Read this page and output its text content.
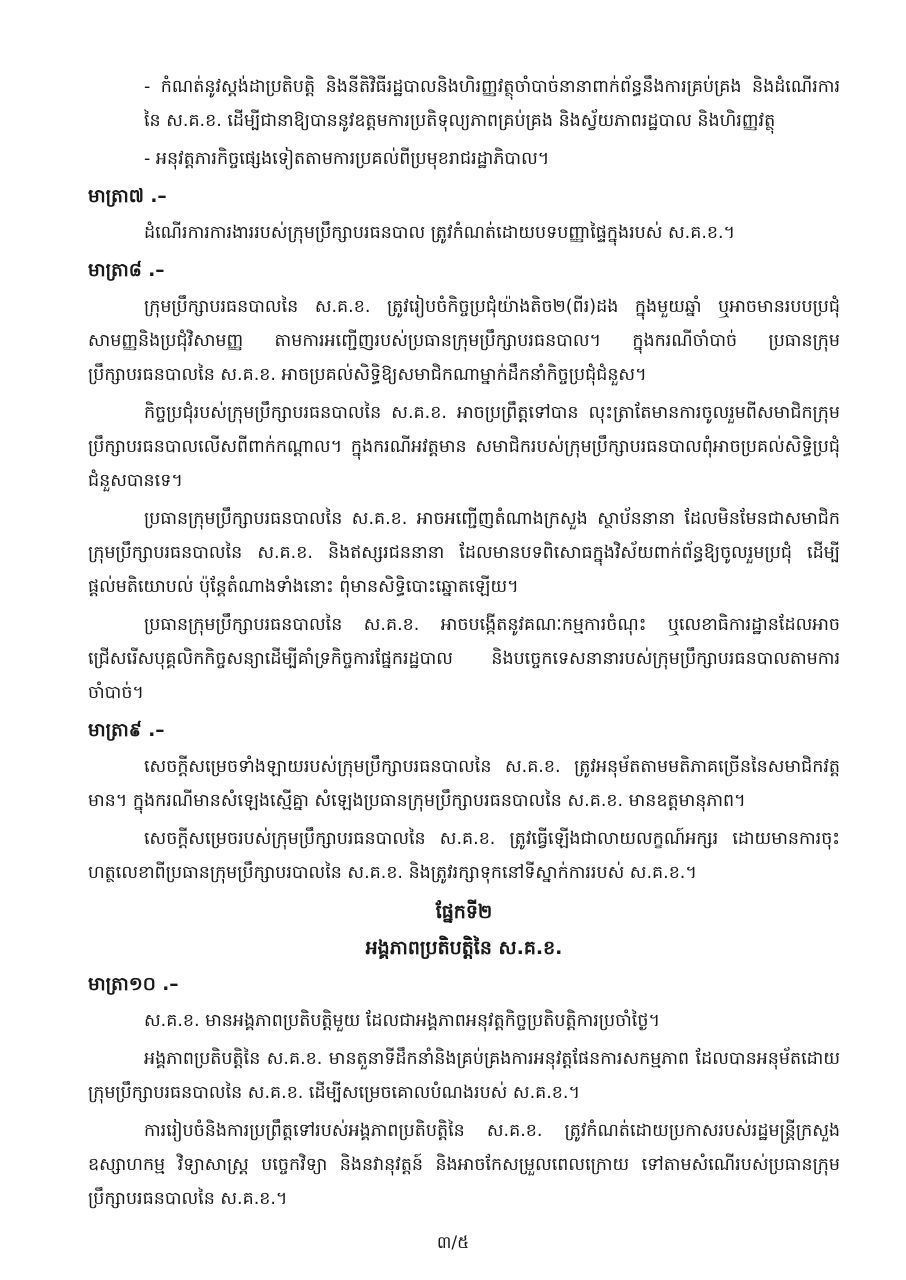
- កំណត់នូវស្តង់ដាប្រតិបត្តិ និងនីតិវិធីរដ្ឋបាលនិងហិរញ្ញវត្ថុចាំបាច់នានាពាក់ព័ន្ធនឹងការគ្រប់គ្រង និងដំណើរការនៃ ស.គ.ខ. ដើម្បីជានាឱ្យបាននូវឧត្តមការប្រតិទុល្យភាពគ្រប់គ្រង និងស្វ័យភាពរដ្ឋបាល និងហិរញ្ញវត្ថុ
- អនុវត្តភារកិច្ចផ្សេងទៀតតាមការប្រគល់ពីប្រមុខរាជរដ្ឋាភិបាល។
មាត្រា៧ .–
ដំណើរការការងាររបស់ក្រុមប្រឹក្សាបរធនបាល ត្រូវកំណត់ដោយបទបញ្ញាផ្ទៃក្នុងរបស់ ស.គ.ខ.។
មាត្រា៨ .–
ក្រុមប្រឹក្សាបរធនបាលនៃ ស.គ.ខ. ត្រូវរៀបចំកិច្ចប្រជុំយ៉ាងតិច២(ពីរ)ដង ក្នុងមួយឆ្នាំ ឬអាចមានរបបប្រជុំសាមញ្ញនិងប្រជុំវិសាមញ្ញ តាមការអញ្ជើញរបស់ប្រធានក្រុមប្រឹក្សាបរធនបាល។ ក្នុងករណីចាំបាច់ ប្រធានក្រុមប្រឹក្សាបរធនបាលនៃ ស.គ.ខ. អាចប្រគល់សិទ្ធិឱ្យសមាជិកណាម្នាក់ដឹកនាំកិច្ចប្រជុំជំនួស។
កិច្ចប្រជុំរបស់ក្រុមប្រឹក្សាបរធនបាលនៃ ស.គ.ខ. អាចប្រព្រឹត្តទៅបាន លុះត្រាតែមានការចូលរួមពីសមាជិកក្រុមប្រឹក្សាបរធនបាលលើសពីពាក់កណ្តាល។ ក្នុងករណីអវត្តមាន សមាជិករបស់ក្រុមប្រឹក្សាបរធនបាលពុំអាចប្រគល់សិទ្ធិប្រជុំជំនួសបានទេ។
ប្រធានក្រុមប្រឹក្សាបរធនបាលនៃ ស.គ.ខ. អាចអញ្ជើញតំណាងក្រសួង ស្ថាប័ននានា ដែលមិនមែនជាសមាជិកក្រុមប្រឹក្សាបរធនបាលនៃ ស.គ.ខ. និងឥស្សរជននានា ដែលមានបទពិសោធក្នុងវិស័យពាក់ព័ន្ធឱ្យចូលរួមប្រជុំ ដើម្បីផ្តល់មតិយោបល់ ប៉ុន្តែតំណាងទាំងនោះ ពុំមានសិទ្ធិបោះឆ្នោតឡើយ។
ប្រធានក្រុមប្រឹក្សាបរធនបាលនៃ ស.គ.ខ. អាចបង្កើតនូវគណៈកម្មការចំណុះ ឬលេខាធិការដ្ឋានដែលអាចជ្រើសរើសបុគ្គលិកកិច្ចសន្យាដើម្បីគាំទ្រកិច្ចការផ្នែករដ្ឋបាល និងបច្ចេកទេសនានារបស់ក្រុមប្រឹក្សាបរធនបាលតាមការចាំបាច់។
មាត្រា៩ .–
សេចក្តីសម្រេចទាំងឡាយរបស់ក្រុមប្រឹក្សាបរធនបាលនៃ ស.គ.ខ. ត្រូវអនុម័តតាមមតិភាគច្រើននៃសមាជិកវត្តមាន។ ក្នុងករណីមានសំឡេងស្មើគ្នា សំឡេងប្រធានក្រុមប្រឹក្សាបរធនបាលនៃ ស.គ.ខ. មានឧត្តមានុភាព។
សេចក្តីសម្រេចរបស់ក្រុមប្រឹក្សាបរធនបាលនៃ ស.គ.ខ. ត្រូវធ្វើឡើងជាលាយលក្ខណ៍អក្សរ ដោយមានការចុះហត្ថលេខាពីប្រធានក្រុមប្រឹក្សាបរបាលនៃ ស.គ.ខ. និងត្រូវរក្សាទុកនៅទីស្នាក់ការរបស់ ស.គ.ខ.។
ផ្នែកទី២
អង្គភាពប្រតិបត្តិនៃ ស.គ.ខ.
មាត្រា១០ .–
ស.គ.ខ. មានអង្គភាពប្រតិបត្តិមួយ ដែលជាអង្គភាពអនុវត្តកិច្ចប្រតិបត្តិការប្រចាំថ្ងៃ។
អង្គភាពប្រតិបត្តិនៃ ស.គ.ខ. មានតួនាទីដឹកនាំនិងគ្រប់គ្រងការអនុវត្តផែនការសកម្មភាព ដែលបានអនុម័តដោយក្រុមប្រឹក្សាបរធនបាលនៃ ស.គ.ខ. ដើម្បីសម្រេចគោលបំណងរបស់ ស.គ.ខ.។
ការរៀបចំនិងការប្រព្រឹត្តទៅរបស់អង្គភាពប្រតិបត្តិនៃ ស.គ.ខ. ត្រូវកំណត់ដោយប្រកាសរបស់រដ្ឋមន្ត្រីក្រសួងឧស្សាហកម្ម វិទ្យាសាស្ត្រ បច្ចេកវិទ្យា និងនវានុវត្តន៍ និងអាចកែសម្រួលពេលក្រោយ ទៅតាមសំណើរបស់ប្រធានក្រុមប្រឹក្សាបរធនបាលនៃ ស.គ.ខ.។
៣/៥
